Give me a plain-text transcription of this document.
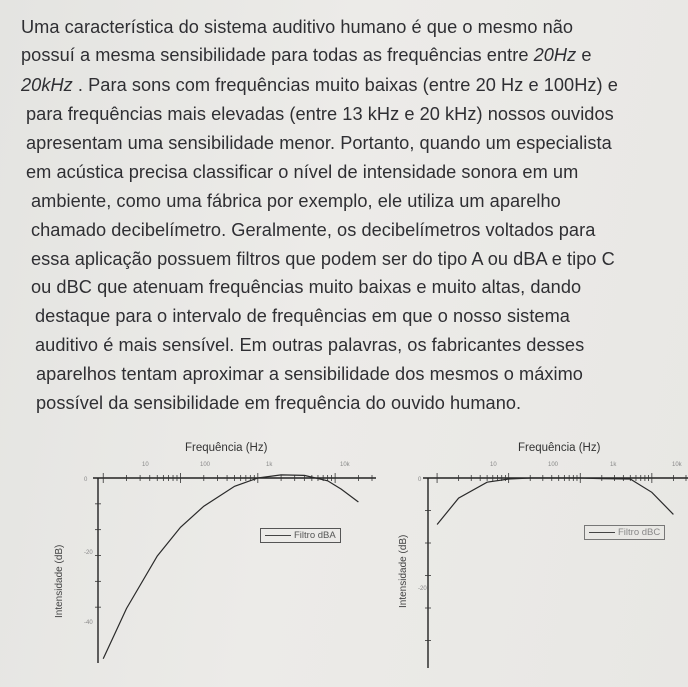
Uma característica do sistema auditivo humano é que o mesmo não
possuí a mesma sensibilidade para todas as frequências entre 20Hz e
20kHz . Para sons com frequências muito baixas (entre 20 Hz e 100Hz) e
para frequências mais elevadas (entre 13 kHz e 20 kHz) nossos ouvidos
apresentam uma sensibilidade menor. Portanto, quando um especialista
em acústica precisa classificar o nível de intensidade sonora em um
ambiente, como uma fábrica por exemplo, ele utiliza um aparelho
chamado decibelímetro. Geralmente, os decibelímetros voltados para
essa aplicação possuem filtros que podem ser do tipo A ou dBA e tipo C
ou dBC que atenuam frequências muito baixas e muito altas, dando
destaque para o intervalo de frequências em que o nosso sistema
auditivo é mais sensível. Em outras palavras, os fabricantes desses
aparelhos tentam aproximar a sensibilidade dos mesmos o máximo
possível da sensibilidade em frequência do ouvido humano.
Frequência (Hz)
Intensidade (dB)
Filtro dBA
10	100	1k	10k
0
-20
-40
Frequência (Hz)
Intensidade (dB)
Filtro dBC
10	100	1k	10k
0
-20
